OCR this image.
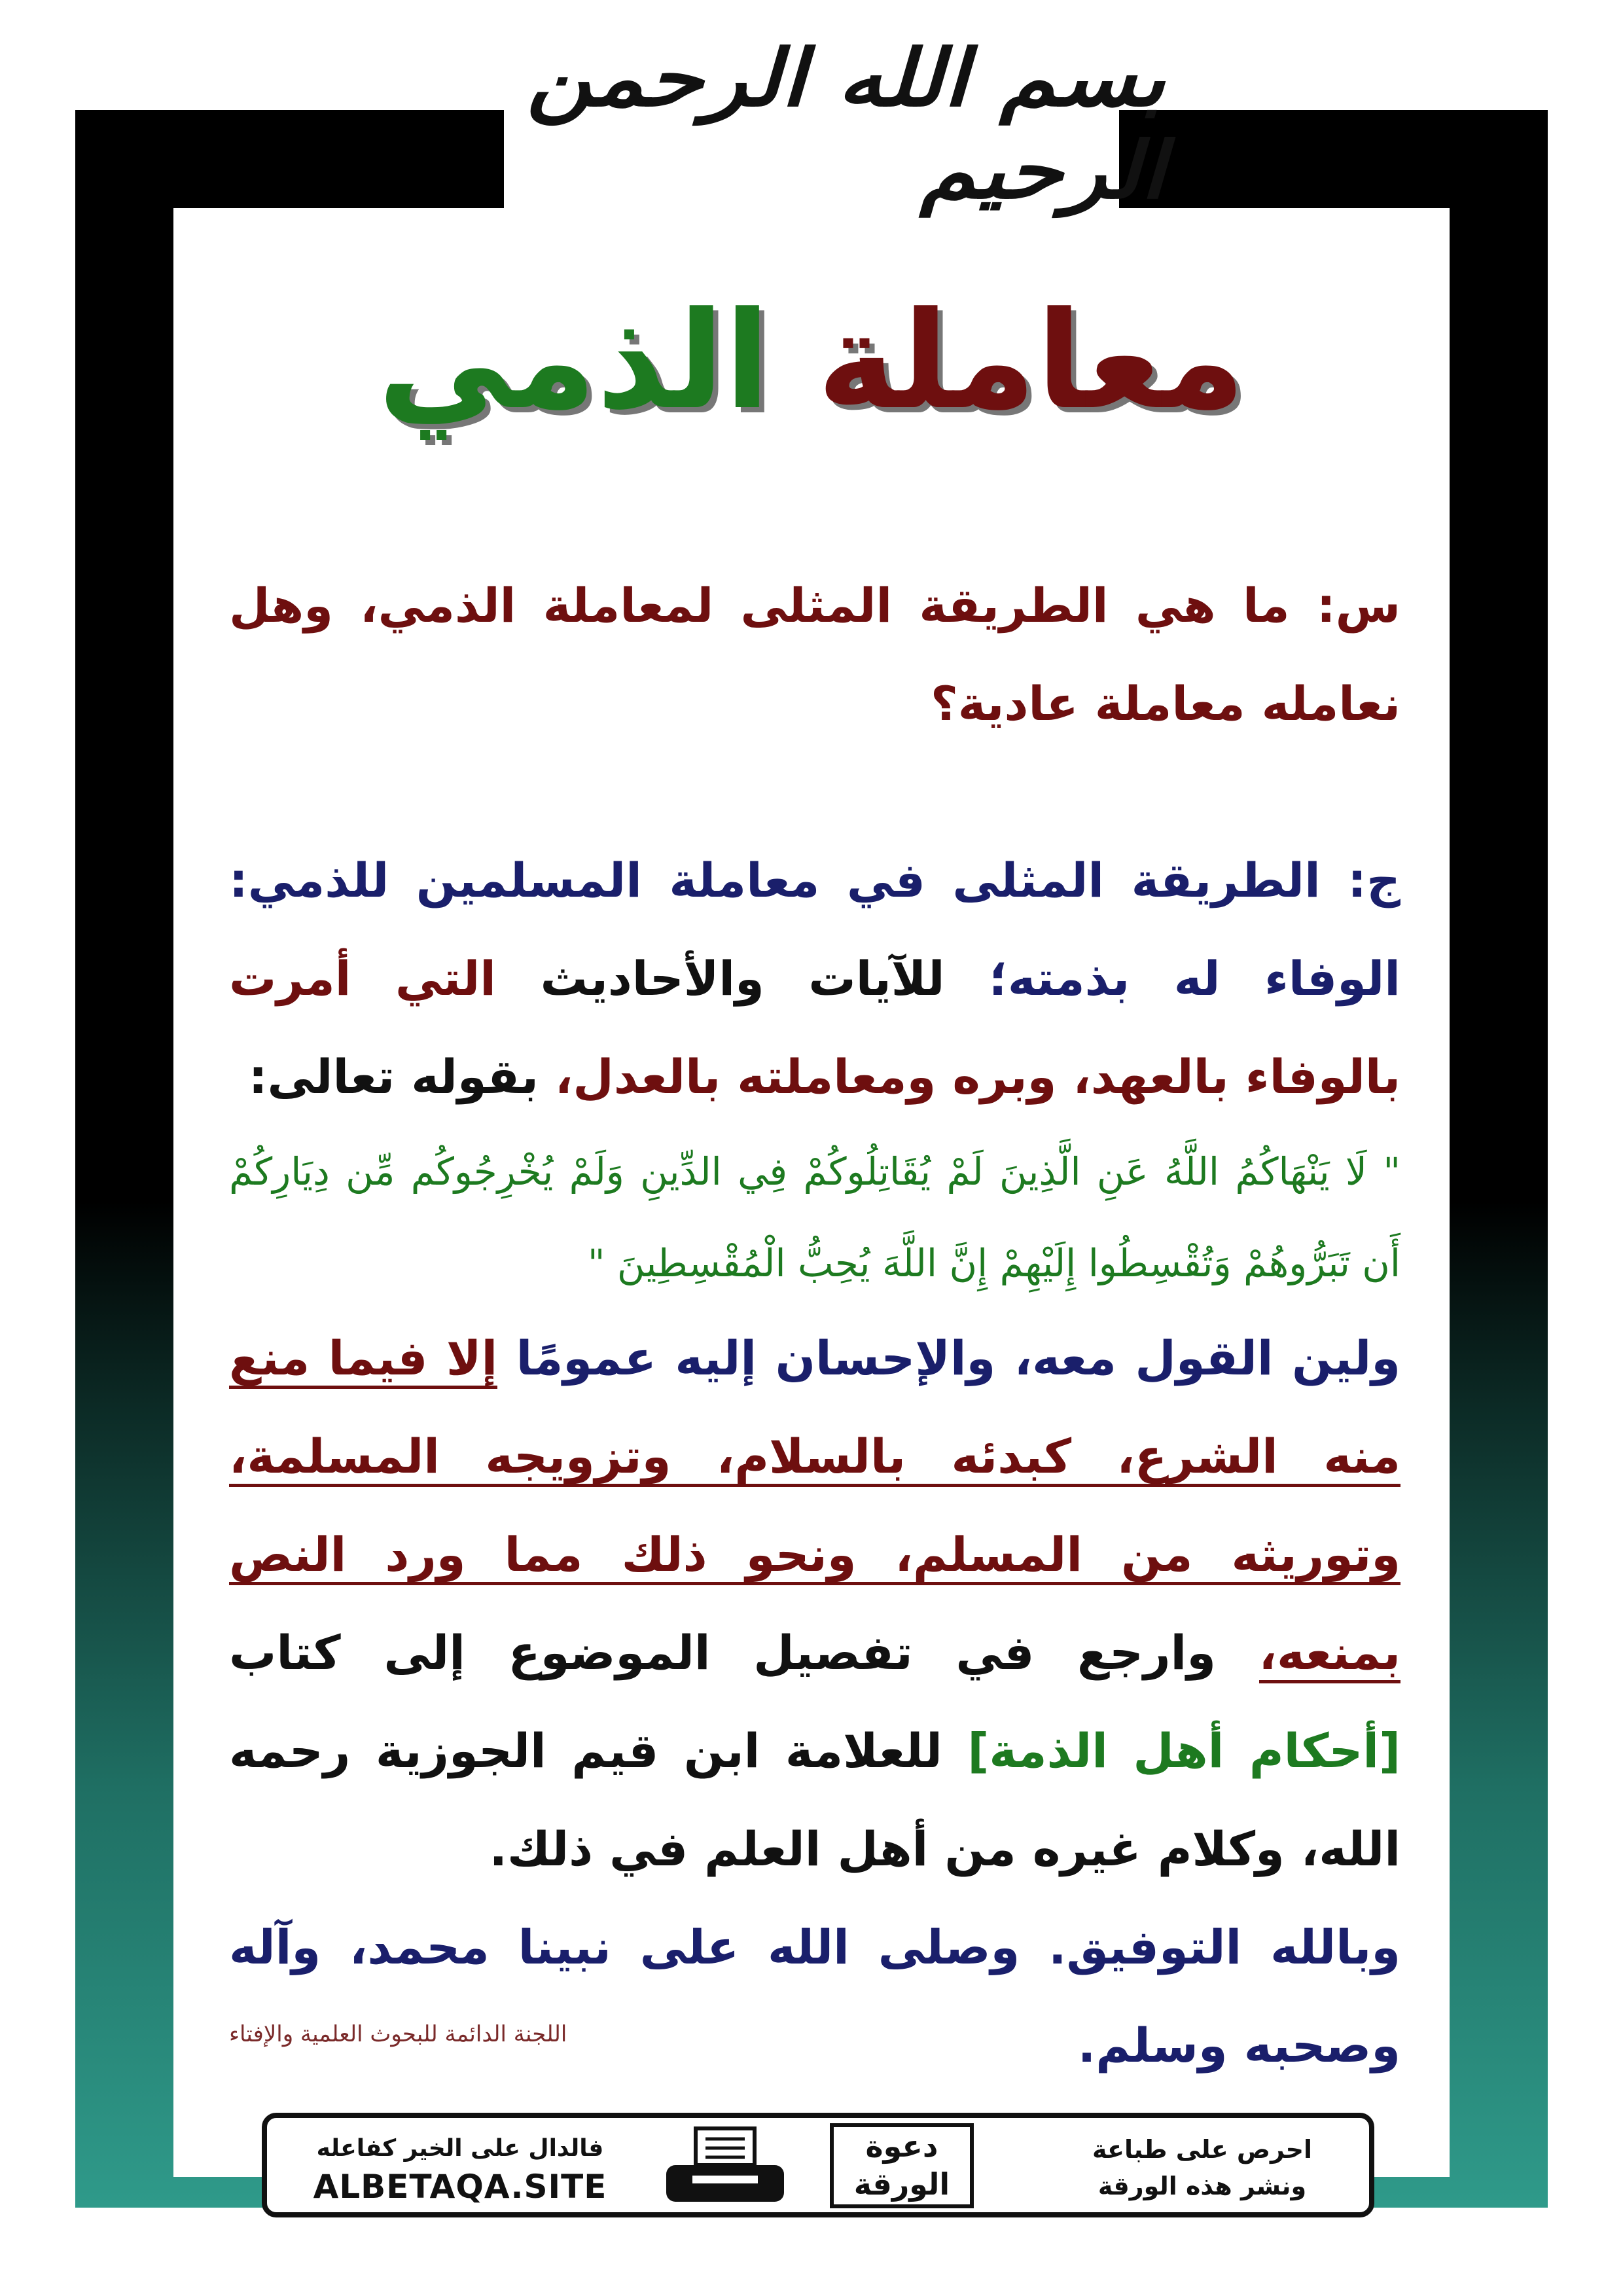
بسم الله الرحمن الرحيم
معاملة الذمي

س: ما هي الطريقة المثلى لمعاملة الذمي، وهل نعامله معاملة عادية؟

ج: الطريقة المثلى في معاملة المسلمين للذمي: الوفاء له بذمته؛ للآيات والأحاديث التي أمرت بالوفاء بالعهد، وبره ومعاملته بالعدل، بقوله تعالى:
" لَا يَنْهَاكُمُ اللَّهُ عَنِ الَّذِينَ لَمْ يُقَاتِلُوكُمْ فِي الدِّينِ وَلَمْ يُخْرِجُوكُم مِّن دِيَارِكُمْ أَن تَبَرُّوهُمْ وَتُقْسِطُوا إِلَيْهِمْ إِنَّ اللَّهَ يُحِبُّ الْمُقْسِطِينَ "
ولين القول معه، والإحسان إليه عمومًا إلا فيما منع منه الشرع، كبدئه بالسلام، وتزويجه المسلمة، وتوريثه من المسلم، ونحو ذلك مما ورد النص بمنعه، وارجع في تفصيل الموضوع إلى كتاب [أحكام أهل الذمة] للعلامة ابن قيم الجوزية رحمه الله، وكلام غيره من أهل العلم في ذلك.

وبالله التوفيق. وصلى الله على نبينا محمد، وآله وصحبه وسلم.

اللجنة الدائمة للبحوث العلمية والإفتاء
احرص على طباعة
ونشر هذه الورقة
دعوة
الورقة
فالدال على الخير كفاعله
ALBETAQA.SITE
